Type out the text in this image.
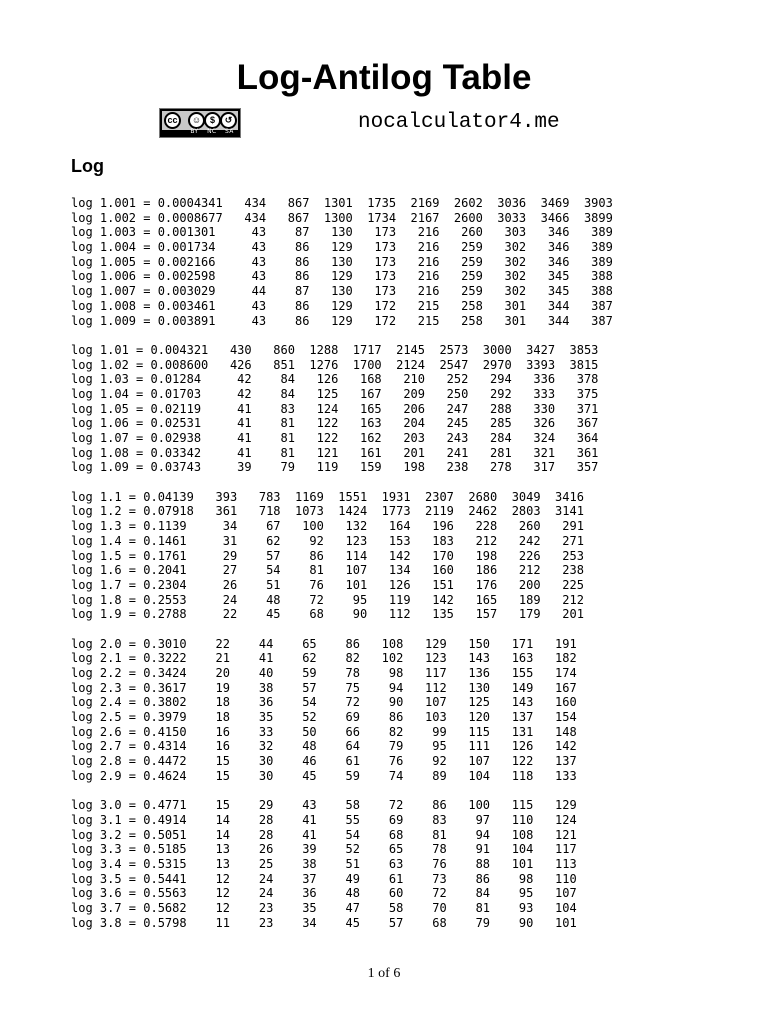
Log-Antilog Table
cc	☺ $	↺
BY NC SA	nocalculator4.me
Log
log 1.001 = 0.0004341   434   867  1301  1735  2169  2602  3036  3469  3903
log 1.002 = 0.0008677   434   867  1300  1734  2167  2600  3033  3466  3899
log 1.003 = 0.001301     43    87   130   173   216   260   303   346   389
log 1.004 = 0.001734     43    86   129   173   216   259   302   346   389
log 1.005 = 0.002166     43    86   130   173   216   259   302   346   389
log 1.006 = 0.002598     43    86   129   173   216   259   302   345   388
log 1.007 = 0.003029     44    87   130   173   216   259   302   345   388
log 1.008 = 0.003461     43    86   129   172   215   258   301   344   387
log 1.009 = 0.003891     43    86   129   172   215   258   301   344   387
log 1.01 = 0.004321   430   860  1288  1717  2145  2573  3000  3427  3853
log 1.02 = 0.008600   426   851  1276  1700  2124  2547  2970  3393  3815
log 1.03 = 0.01284     42    84   126   168   210   252   294   336   378
log 1.04 = 0.01703     42    84   125   167   209   250   292   333   375
log 1.05 = 0.02119     41    83   124   165   206   247   288   330   371
log 1.06 = 0.02531     41    81   122   163   204   245   285   326   367
log 1.07 = 0.02938     41    81   122   162   203   243   284   324   364
log 1.08 = 0.03342     41    81   121   161   201   241   281   321   361
log 1.09 = 0.03743     39    79   119   159   198   238   278   317   357
log 1.1 = 0.04139   393   783  1169  1551  1931  2307  2680  3049  3416
log 1.2 = 0.07918   361   718  1073  1424  1773  2119  2462  2803  3141
log 1.3 = 0.1139     34    67   100   132   164   196   228   260   291
log 1.4 = 0.1461     31    62    92   123   153   183   212   242   271
log 1.5 = 0.1761     29    57    86   114   142   170   198   226   253
log 1.6 = 0.2041     27    54    81   107   134   160   186   212   238
log 1.7 = 0.2304     26    51    76   101   126   151   176   200   225
log 1.8 = 0.2553     24    48    72    95   119   142   165   189   212
log 1.9 = 0.2788     22    45    68    90   112   135   157   179   201
log 2.0 = 0.3010    22    44    65    86   108   129   150   171   191
log 2.1 = 0.3222    21    41    62    82   102   123   143   163   182
log 2.2 = 0.3424    20    40    59    78    98   117   136   155   174
log 2.3 = 0.3617    19    38    57    75    94   112   130   149   167
log 2.4 = 0.3802    18    36    54    72    90   107   125   143   160
log 2.5 = 0.3979    18    35    52    69    86   103   120   137   154
log 2.6 = 0.4150    16    33    50    66    82    99   115   131   148
log 2.7 = 0.4314    16    32    48    64    79    95   111   126   142
log 2.8 = 0.4472    15    30    46    61    76    92   107   122   137
log 2.9 = 0.4624    15    30    45    59    74    89   104   118   133
log 3.0 = 0.4771    15    29    43    58    72    86   100   115   129
log 3.1 = 0.4914    14    28    41    55    69    83    97   110   124
log 3.2 = 0.5051    14    28    41    54    68    81    94   108   121
log 3.3 = 0.5185    13    26    39    52    65    78    91   104   117
log 3.4 = 0.5315    13    25    38    51    63    76    88   101   113
log 3.5 = 0.5441    12    24    37    49    61    73    86    98   110
log 3.6 = 0.5563    12    24    36    48    60    72    84    95   107
log 3.7 = 0.5682    12    23    35    47    58    70    81    93   104
log 3.8 = 0.5798    11    23    34    45    57    68    79    90   101
1 of 6
